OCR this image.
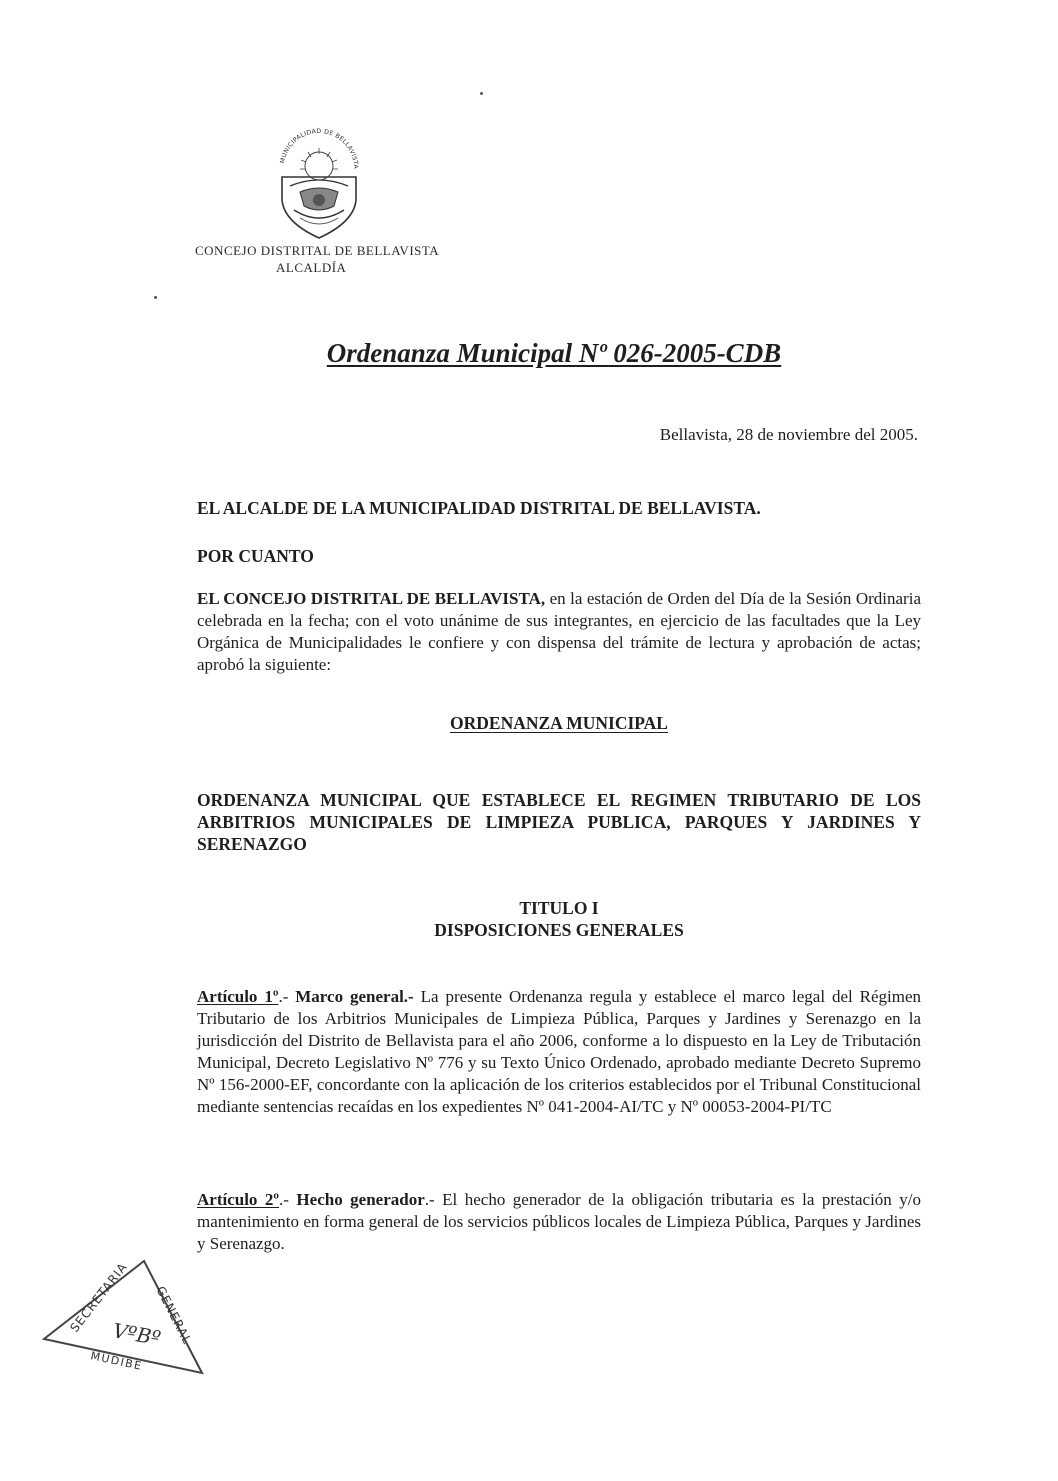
MUNICIPALIDAD DE BELLAVISTA
CONCEJO DISTRITAL DE BELLAVISTA
ALCALDÍA
Ordenanza Municipal Nº 026-2005-CDB
Bellavista, 28 de noviembre del 2005.
EL ALCALDE DE LA MUNICIPALIDAD DISTRITAL DE BELLAVISTA.
POR CUANTO
EL CONCEJO DISTRITAL DE BELLAVISTA, en la estación de Orden del Día de la Sesión Ordinaria celebrada en la fecha; con el voto unánime de sus integrantes, en ejercicio de las facultades que la Ley Orgánica de Municipalidades le confiere y con dispensa del trámite de lectura y aprobación de actas; aprobó la siguiente:
ORDENANZA MUNICIPAL
ORDENANZA MUNICIPAL QUE ESTABLECE EL REGIMEN TRIBUTARIO DE LOS ARBITRIOS MUNICIPALES DE LIMPIEZA PUBLICA, PARQUES Y JARDINES Y SERENAZGO
TITULO I
DISPOSICIONES GENERALES
Artículo 1º.- Marco general.- La presente Ordenanza regula y establece el marco legal del Régimen Tributario de los Arbitrios Municipales de Limpieza Pública, Parques y Jardines y Serenazgo en la jurisdicción del Distrito de Bellavista para el año 2006, conforme a lo dispuesto en la Ley de Tributación Municipal, Decreto Legislativo Nº 776 y su Texto Único Ordenado, aprobado mediante Decreto Supremo Nº 156-2000-EF, concordante con la aplicación de los criterios establecidos por el Tribunal Constitucional mediante sentencias recaídas en los expedientes Nº 041-2004-AI/TC y Nº 00053-2004-PI/TC
Artículo 2º.- Hecho generador.- El hecho generador de la obligación tributaria es la prestación y/o mantenimiento en forma general de los servicios públicos locales de Limpieza Pública, Parques y Jardines y Serenazgo.
SECRETARIA GENERAL
VºBº
MUDIBE
